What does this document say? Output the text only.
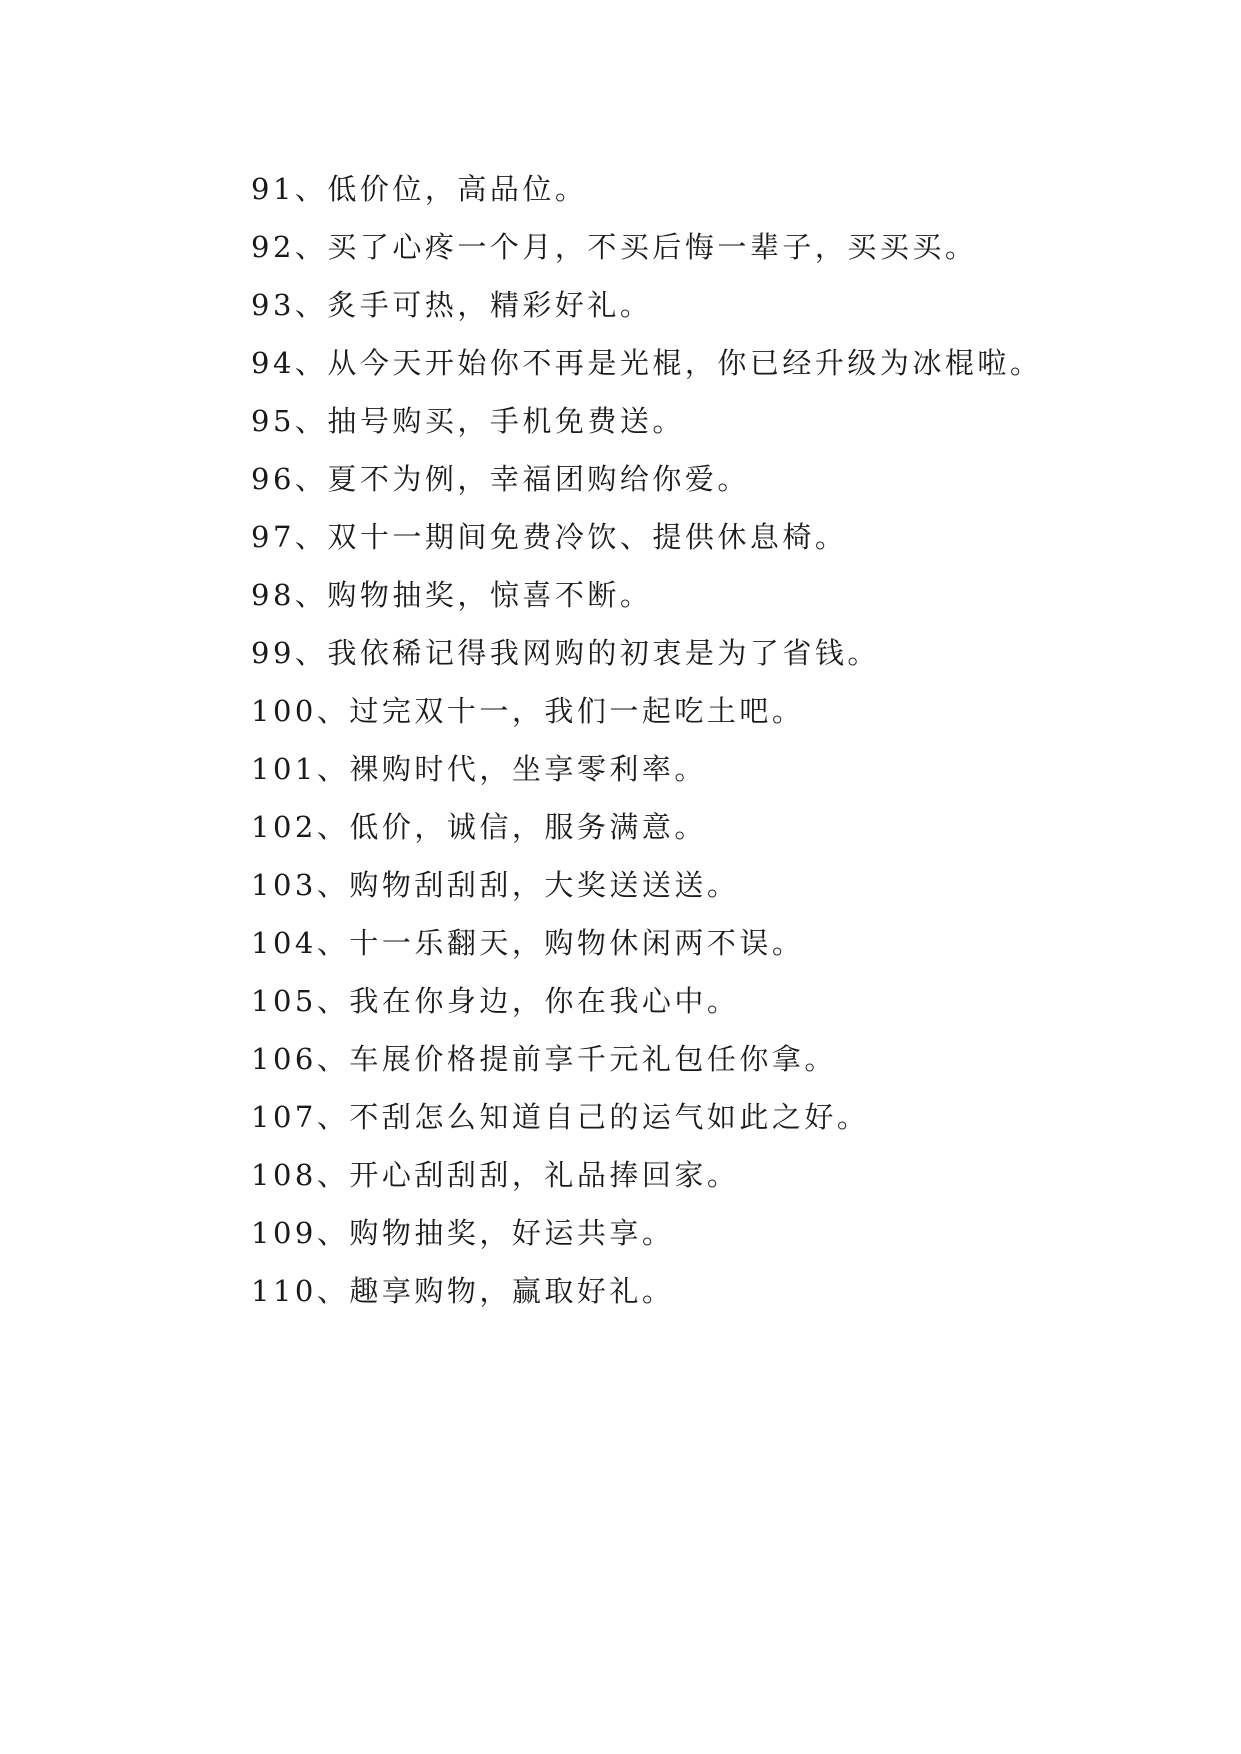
91、低价位，高品位。
92、买了心疼一个月，不买后悔一辈子，买买买。
93、炙手可热，精彩好礼。
94、从今天开始你不再是光棍，你已经升级为冰棍啦。
95、抽号购买，手机免费送。
96、夏不为例，幸福团购给你爱。
97、双十一期间免费冷饮、提供休息椅。
98、购物抽奖，惊喜不断。
99、我依稀记得我网购的初衷是为了省钱。
100、过完双十一，我们一起吃土吧。
101、裸购时代，坐享零利率。
102、低价，诚信，服务满意。
103、购物刮刮刮，大奖送送送。
104、十一乐翻天，购物休闲两不误。
105、我在你身边，你在我心中。
106、车展价格提前享千元礼包任你拿。
107、不刮怎么知道自己的运气如此之好。
108、开心刮刮刮，礼品捧回家。
109、购物抽奖，好运共享。
110、趣享购物，赢取好礼。
